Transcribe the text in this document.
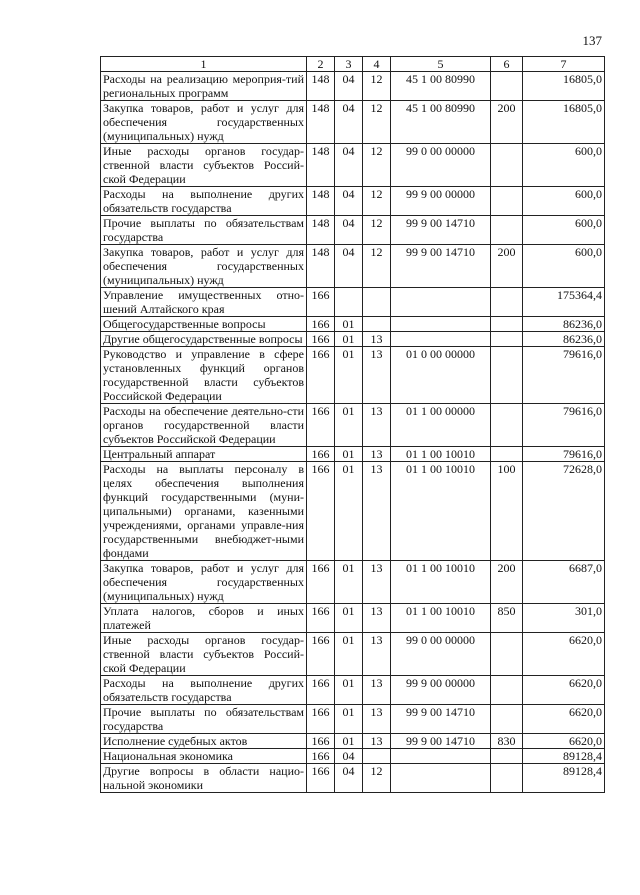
137
1	2	3	4	5	6	7
Расходы на реализацию мероприя-тий региональных программ	148	04	12	45 1 00 80990		16805,0
Закупка товаров, работ и услуг для обеспечения государственных (муниципальных) нужд	148	04	12	45 1 00 80990	200	16805,0
Иные расходы органов государ-ственной власти субъектов Россий-ской Федерации	148	04	12	99 0 00 00000		600,0
Расходы на выполнение других обязательств государства	148	04	12	99 9 00 00000		600,0
Прочие выплаты по обязательствам государства	148	04	12	99 9 00 14710		600,0
Закупка товаров, работ и услуг для обеспечения государственных (муниципальных) нужд	148	04	12	99 9 00 14710	200	600,0
Управление имущественных отно-шений Алтайского края	166					175364,4
Общегосударственные вопросы	166	01				86236,0
Другие общегосударственные вопросы	166	01	13			86236,0
Руководство и управление в сфере установленных функций органов государственной власти субъектов Российской Федерации	166	01	13	01 0 00 00000		79616,0
Расходы на обеспечение деятельно-сти органов государственной власти субъектов Российской Федерации	166	01	13	01 1 00 00000		79616,0
Центральный аппарат	166	01	13	01 1 00 10010		79616,0
Расходы на выплаты персоналу в целях обеспечения выполнения функций государственными (муни-ципальными) органами, казенными учреждениями, органами управле-ния государственными внебюджет-ными фондами	166	01	13	01 1 00 10010	100	72628,0
Закупка товаров, работ и услуг для обеспечения государственных (муниципальных) нужд	166	01	13	01 1 00 10010	200	6687,0
Уплата налогов, сборов и иных платежей	166	01	13	01 1 00 10010	850	301,0
Иные расходы органов государ-ственной власти субъектов Россий-ской Федерации	166	01	13	99 0 00 00000		6620,0
Расходы на выполнение других обязательств государства	166	01	13	99 9 00 00000		6620,0
Прочие выплаты по обязательствам государства	166	01	13	99 9 00 14710		6620,0
Исполнение судебных актов	166	01	13	99 9 00 14710	830	6620,0
Национальная экономика	166	04				89128,4
Другие вопросы в области нацио-нальной экономики	166	04	12			89128,4
